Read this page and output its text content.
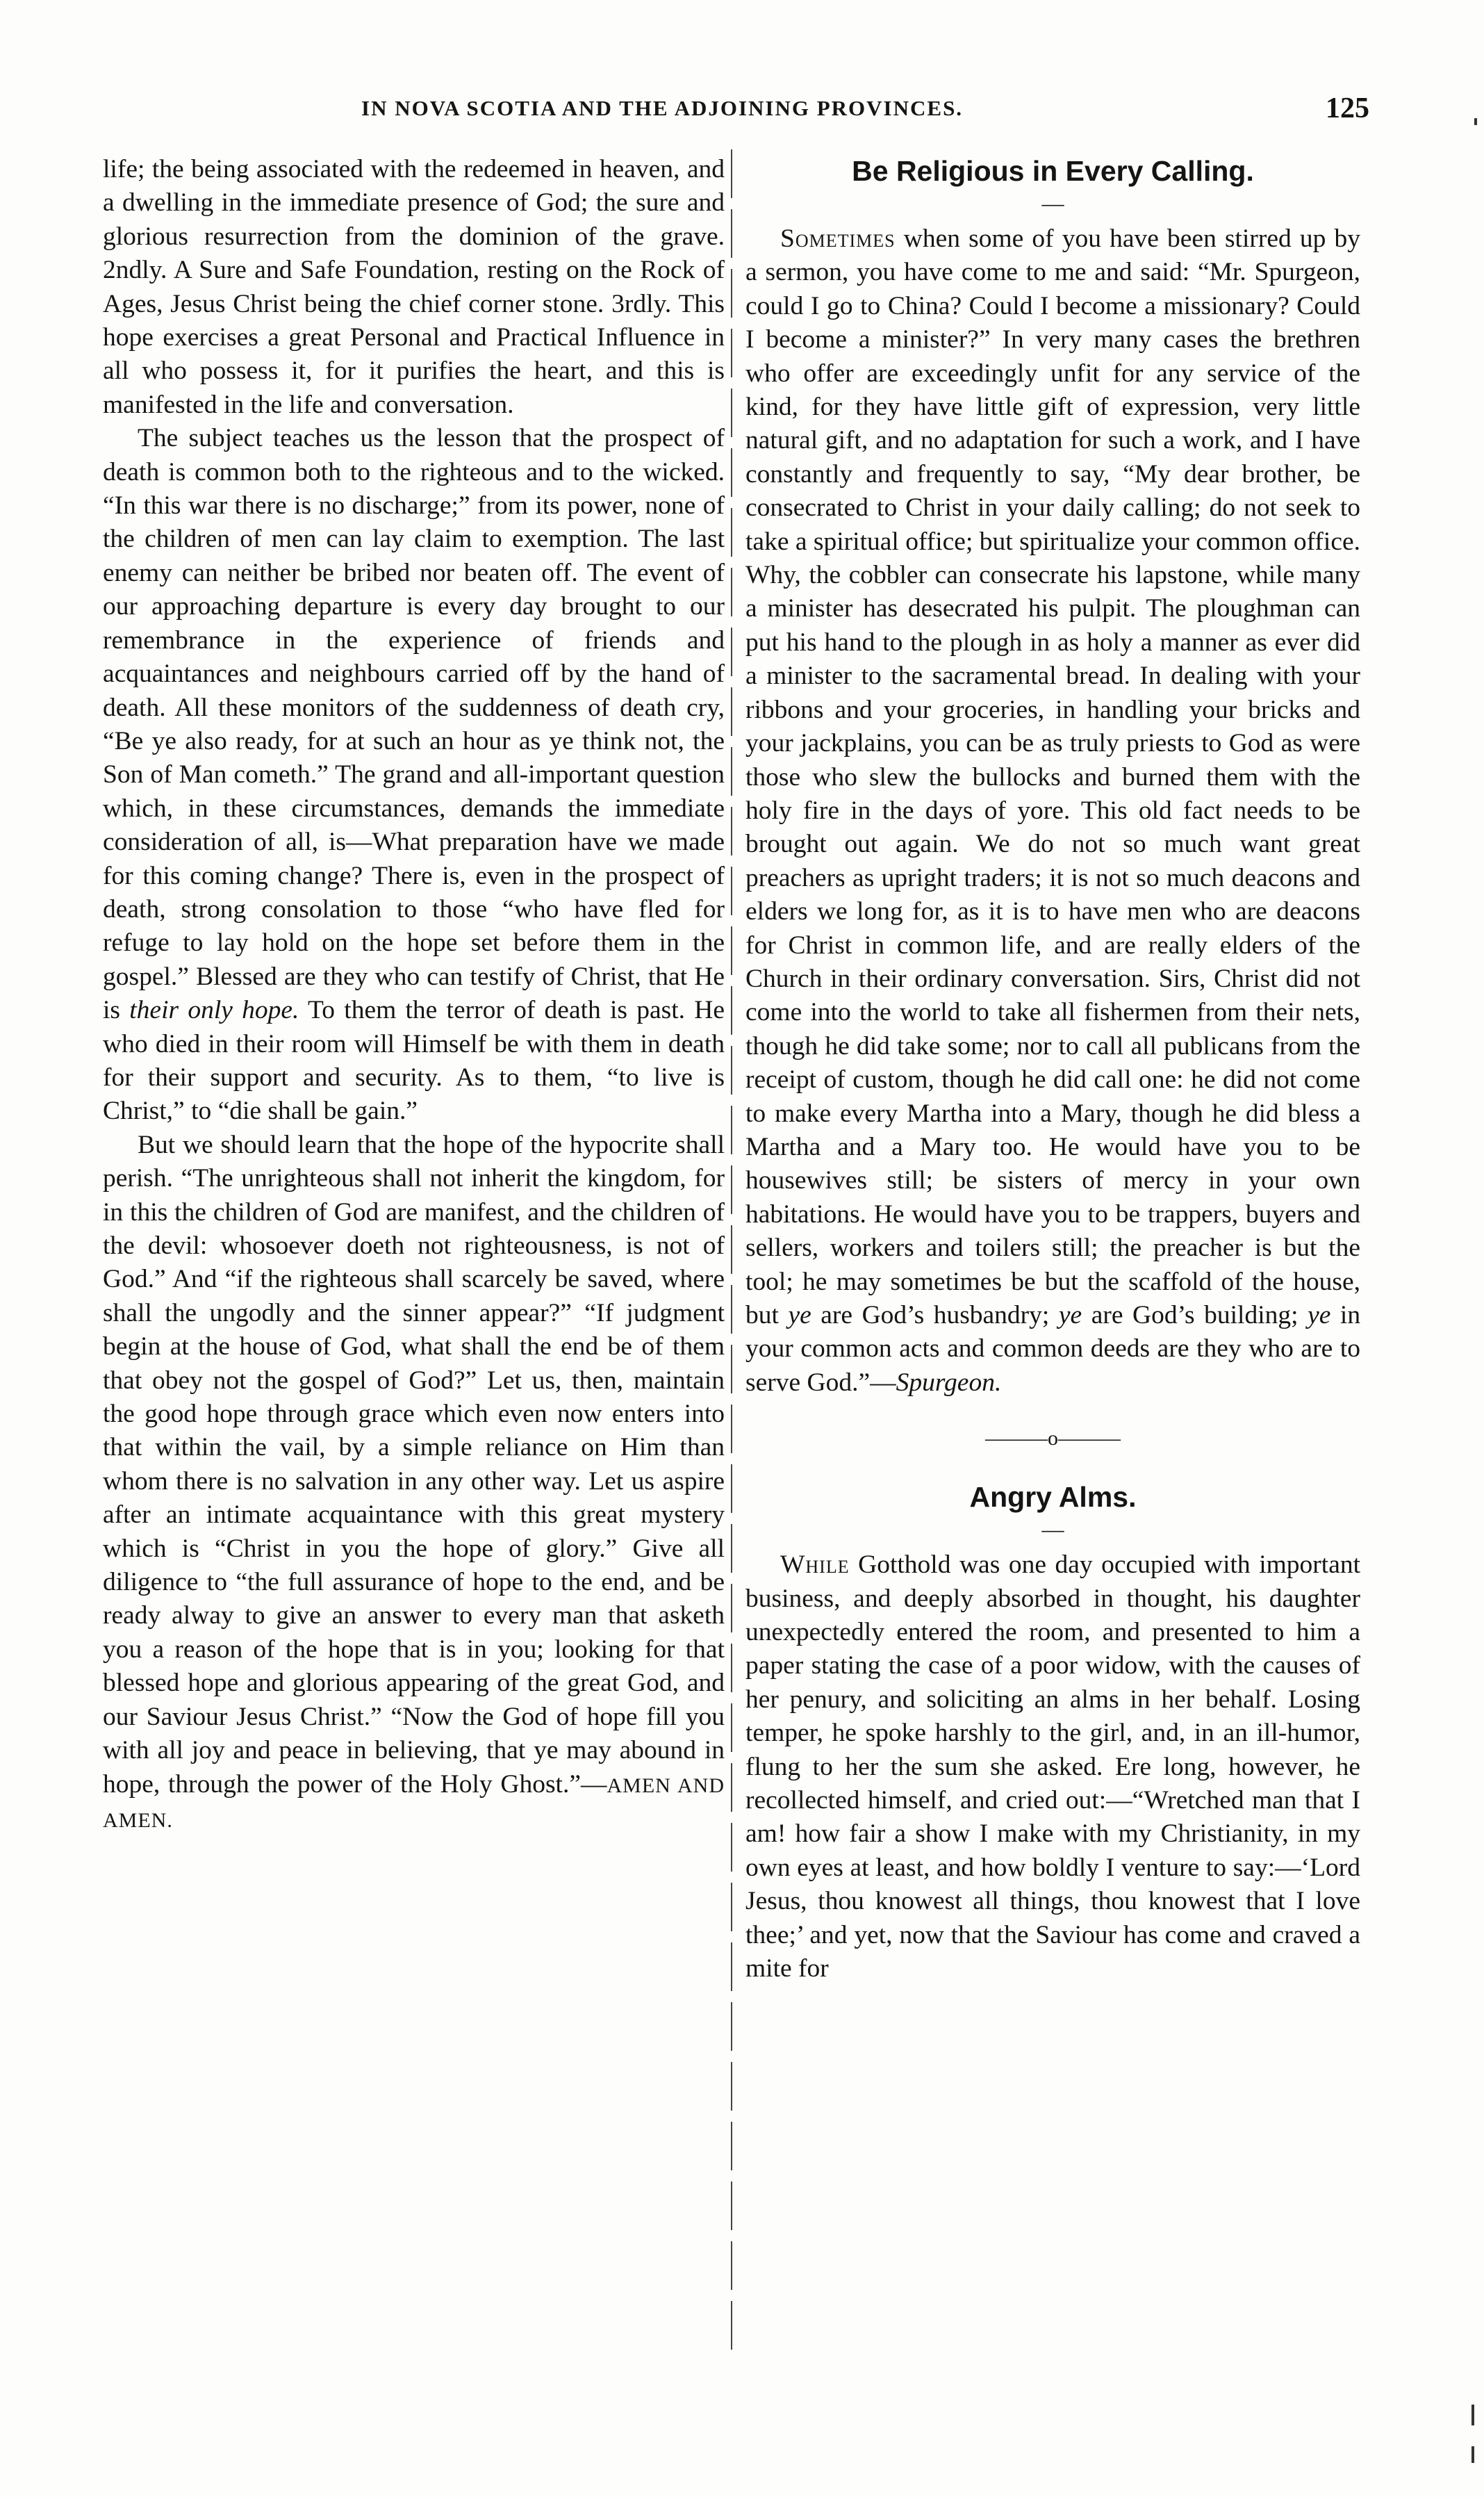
IN NOVA SCOTIA AND THE ADJOINING PROVINCES.	125

life; the being associated with the redeemed in heaven, and a dwelling in the immediate presence of God; the sure and glorious resurrection from the dominion of the grave. 2ndly. A Sure and Safe Foundation, resting on the Rock of Ages, Jesus Christ being the chief corner stone. 3rdly. This hope exercises a great Personal and Practical Influence in all who possess it, for it purifies the heart, and this is manifested in the life and conversation.

The subject teaches us the lesson that the prospect of death is common both to the righteous and to the wicked. “In this war there is no discharge;” from its power, none of the children of men can lay claim to exemption. The last enemy can neither be bribed nor beaten off. The event of our approaching departure is every day brought to our remembrance in the experience of friends and acquaintances and neighbours carried off by the hand of death. All these monitors of the suddenness of death cry, “Be ye also ready, for at such an hour as ye think not, the Son of Man cometh.” The grand and all-important question which, in these circumstances, demands the immediate consideration of all, is—What preparation have we made for this coming change? There is, even in the prospect of death, strong consolation to those “who have fled for refuge to lay hold on the hope set before them in the gospel.” Blessed are they who can testify of Christ, that He is their only hope. To them the terror of death is past. He who died in their room will Himself be with them in death for their support and security. As to them, “to live is Christ,” to “die shall be gain.”

But we should learn that the hope of the hypocrite shall perish. “The unrighteous shall not inherit the kingdom, for in this the children of God are manifest, and the children of the devil: whosoever doeth not righteousness, is not of God.” And “if the righteous shall scarcely be saved, where shall the ungodly and the sinner appear?” “If judgment begin at the house of God, what shall the end be of them that obey not the gospel of God?” Let us, then, maintain the good hope through grace which even now enters into that within the vail, by a simple reliance on Him than whom there is no salvation in any other way. Let us aspire after an intimate acquaintance with this great mystery which is “Christ in you the hope of glory.” Give all diligence to “the full assurance of hope to the end, and be ready alway to give an answer to every man that asketh you a reason of the hope that is in you; looking for that blessed hope and glorious appearing of the great God, and our Saviour Jesus Christ.” “Now the God of hope fill you with all joy and peace in believing, that ye may abound in hope, through the power of the Holy Ghost.”—AMEN AND AMEN.

Be Religious in Every Calling.
—

Sometimes when some of you have been stirred up by a sermon, you have come to me and said: “Mr. Spurgeon, could I go to China? Could I become a missionary? Could I become a minister?” In very many cases the brethren who offer are exceedingly unfit for any service of the kind, for they have little gift of expression, very little natural gift, and no adaptation for such a work, and I have constantly and frequently to say, “My dear brother, be consecrated to Christ in your daily calling; do not seek to take a spiritual office; but spiritualize your common office. Why, the cobbler can consecrate his lapstone, while many a minister has desecrated his pulpit. The ploughman can put his hand to the plough in as holy a manner as ever did a minister to the sacramental bread. In dealing with your ribbons and your groceries, in handling your bricks and your jackplains, you can be as truly priests to God as were those who slew the bullocks and burned them with the holy fire in the days of yore. This old fact needs to be brought out again. We do not so much want great preachers as upright traders; it is not so much deacons and elders we long for, as it is to have men who are deacons for Christ in common life, and are really elders of the Church in their ordinary conversation. Sirs, Christ did not come into the world to take all fishermen from their nets, though he did take some; nor to call all publicans from the receipt of custom, though he did call one: he did not come to make every Martha into a Mary, though he did bless a Martha and a Mary too. He would have you to be housewives still; be sisters of mercy in your own habitations. He would have you to be trappers, buyers and sellers, workers and toilers still; the preacher is but the tool; he may sometimes be but the scaffold of the house, but ye are God’s husbandry; ye are God’s building; ye in your common acts and common deeds are they who are to serve God.”—Spurgeon.

———o———
Angry Alms.
—

While Gotthold was one day occupied with important business, and deeply absorbed in thought, his daughter unexpectedly entered the room, and presented to him a paper stating the case of a poor widow, with the causes of her penury, and soliciting an alms in her behalf. Losing temper, he spoke harshly to the girl, and, in an ill-humor, flung to her the sum she asked. Ere long, however, he recollected himself, and cried out:—“Wretched man that I am! how fair a show I make with my Christianity, in my own eyes at least, and how boldly I venture to say:—‘Lord Jesus, thou knowest all things, thou knowest that I love thee;’ and yet, now that the Saviour has come and craved a mite for
